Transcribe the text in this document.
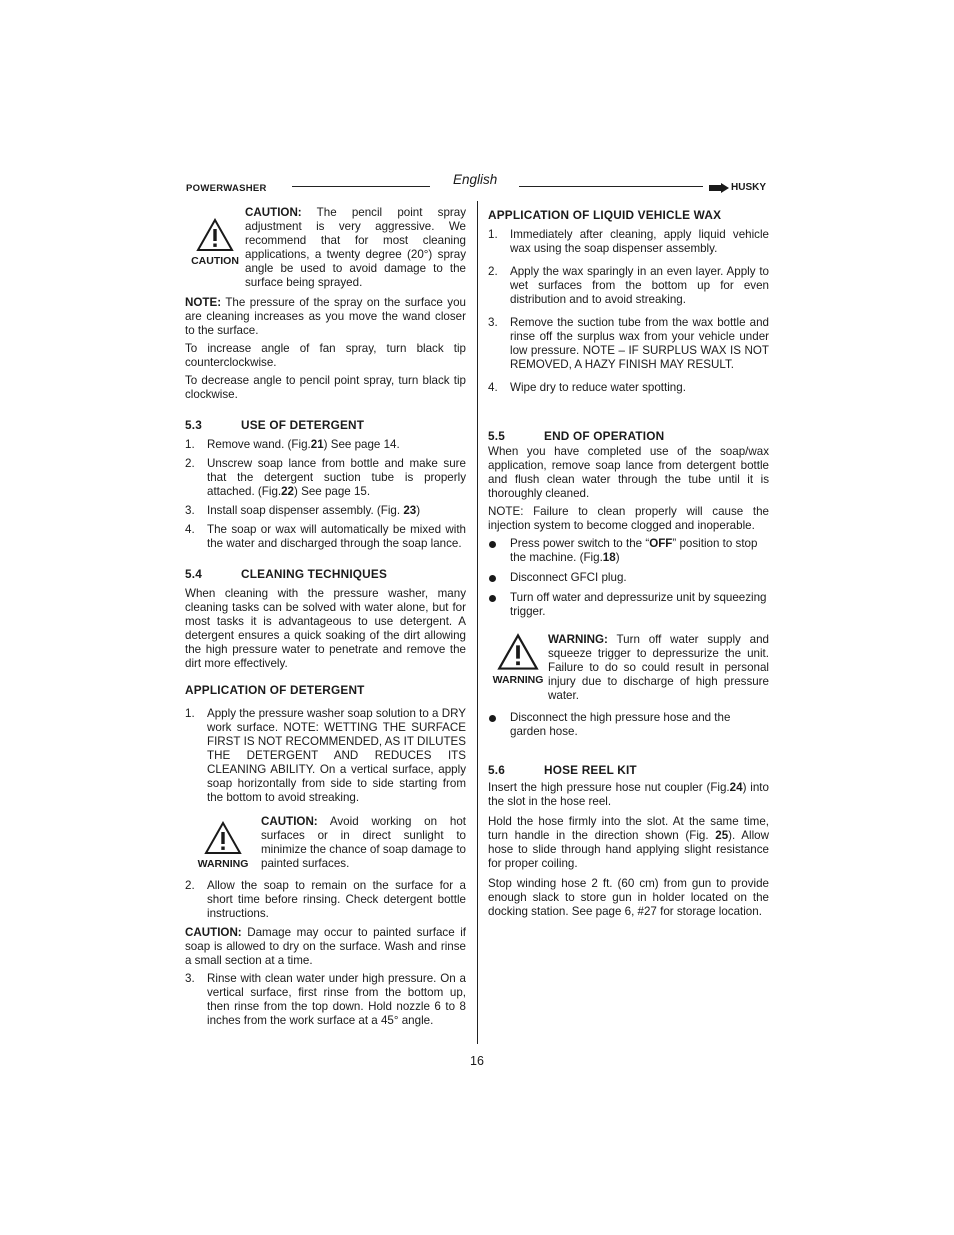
POWERWASHER
English
HUSKY
CAUTION
CAUTION: The pencil point spray adjustment is very aggressive. We recommend that for most cleaning applications, a twenty degree (20°) spray angle be used to avoid damage to the surface being sprayed.

NOTE: The pressure of the spray on the surface you are cleaning increases as you move the wand closer to the surface.

To increase angle of fan spray, turn black tip counterclockwise.

To decrease angle to pencil point spray, turn black tip clockwise.

5.3	USE OF DETERGENT
1. Remove wand. (Fig.21) See page 14.
2. Unscrew soap lance from bottle and make sure that the detergent suction tube is properly attached. (Fig.22) See page 15.
3. Install soap dispenser assembly. (Fig. 23)
4. The soap or wax will automatically be mixed with the water and discharged through the soap lance.
5.4	CLEANING TECHNIQUES

When cleaning with the pressure washer, many cleaning tasks can be solved with water alone, but for most tasks it is advantageous to use detergent. A detergent ensures a quick soaking of the dirt allowing the high pressure water to penetrate and remove the dirt more effectively.

APPLICATION OF DETERGENT
1. Apply the pressure washer soap solution to a DRY work surface. NOTE: WETTING THE SURFACE FIRST IS NOT RECOMMENDED, AS IT DILUTES THE DETERGENT AND REDUCES ITS CLEANING ABILITY. On a vertical surface, apply soap horizontally from side to side starting from the bottom to avoid streaking.
WARNING
CAUTION: Avoid working on hot surfaces or in direct sunlight to minimize the chance of soap damage to painted surfaces.
2. Allow the soap to remain on the surface for a short time before rinsing. Check detergent bottle instructions.

CAUTION: Damage may occur to painted surface if soap is allowed to dry on the surface. Wash and rinse a small section at a time.

3. Rinse with clean water under high pressure. On a vertical surface, first rinse from the bottom up, then rinse from the top down. Hold nozzle 6 to 8 inches from the work surface at a 45° angle.
APPLICATION OF LIQUID VEHICLE WAX
1. Immediately after cleaning, apply liquid vehicle wax using the soap dispenser assembly.
2. Apply the wax sparingly in an even layer. Apply to wet surfaces from the bottom up for even distribution and to avoid streaking.
3. Remove the suction tube from the wax bottle and rinse off the surplus wax from your vehicle under low pressure. NOTE – IF SURPLUS WAX IS NOT REMOVED, A HAZY FINISH MAY RESULT.
4. Wipe dry to reduce water spotting.
5.5	END OF OPERATION

When you have completed use of the soap/wax application, remove soap lance from detergent bottle and flush clean water through the tube until it is thoroughly cleaned.

NOTE: Failure to clean properly will cause the injection system to become clogged and inoperable.

Press power switch to the “OFF” position to stop the machine. (Fig.18)
Disconnect GFCI plug.
Turn off water and depressurize unit by squeezing trigger.
WARNING
WARNING: Turn off water supply and squeeze trigger to depressurize the unit. Failure to do so could result in personal injury due to discharge of high pressure water.
Disconnect the high pressure hose and the garden hose.
5.6	HOSE REEL KIT

Insert the high pressure hose nut coupler (Fig.24) into the slot in the hose reel.

Hold the hose firmly into the slot. At the same time, turn handle in the direction shown (Fig. 25). Allow hose to slide through hand applying slight resistance for proper coiling.

Stop winding hose 2 ft. (60 cm) from gun to provide enough slack to store gun in holder located on the docking station. See page 6, #27 for storage location.

16
